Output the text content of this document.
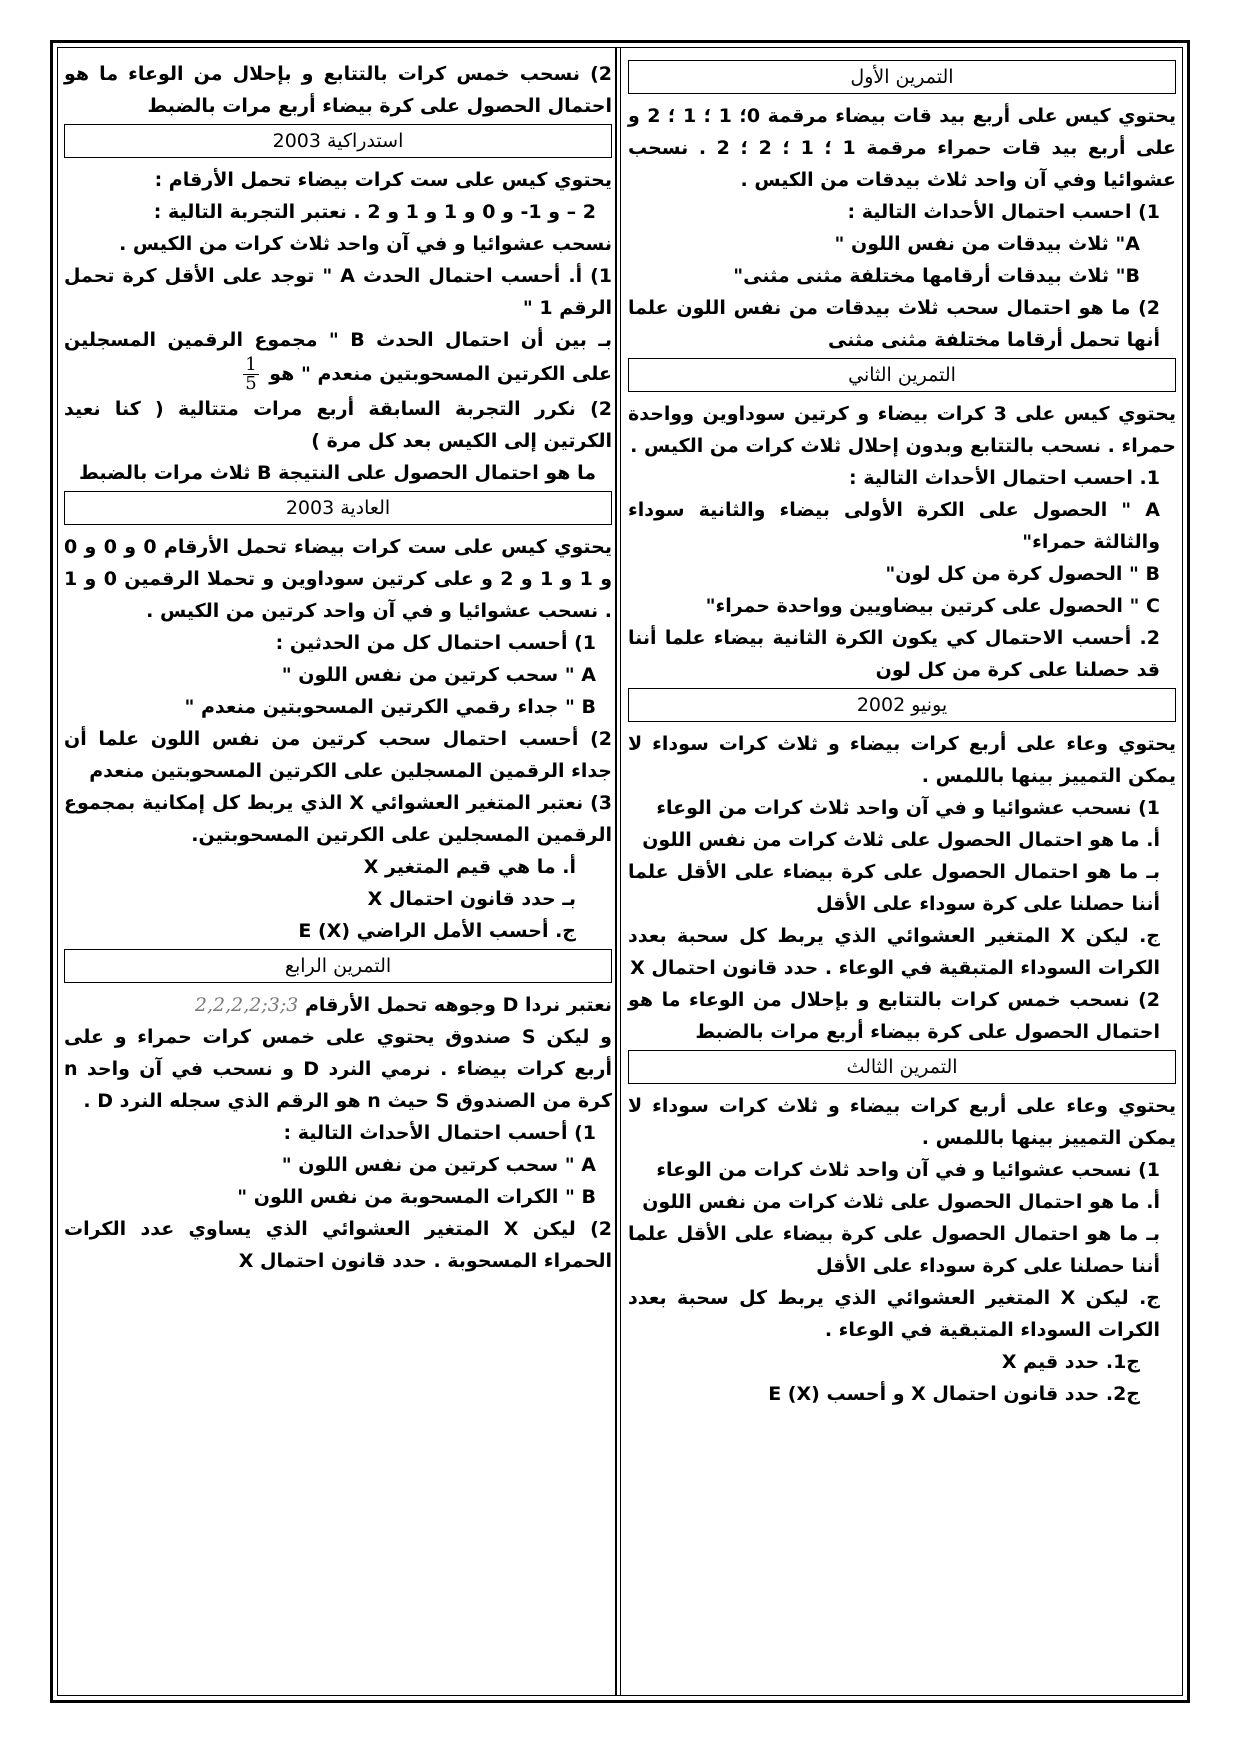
التمرين الأول

يحتوي كيس على أربع بيد قات بيضاء مرقمة 0؛ 1 ؛ 1 ؛ 2 و على أربع بيد قات حمراء مرقمة 1 ؛ 1 ؛ 2 ؛ 2 . نسحب عشوائيا وفي آن واحد ثلاث بيدقات من الكيس .

1) احسب احتمال الأحداث التالية :

A" ثلاث بيدقات من نفس اللون "

B" ثلاث بيدقات أرقامها مختلفة مثنى مثنى"

2) ما هو احتمال سحب ثلاث بيدقات من نفس اللون علما أنها تحمل أرقاما مختلفة مثنى مثنى

التمرين الثاني

يحتوي كيس على 3 كرات بيضاء و كرتين سوداوين وواحدة حمراء . نسحب بالتتابع وبدون إحلال ثلاث كرات من الكيس .

1. احسب احتمال الأحداث التالية :

A " الحصول على الكرة الأولى بيضاء والثانية سوداء والثالثة حمراء"

B " الحصول كرة من كل لون"

C " الحصول على كرتين بيضاويين وواحدة حمراء"

2. أحسب الاحتمال كي يكون الكرة الثانية بيضاء علما أننا قد حصلنا على كرة من كل لون

يونيو 2002

يحتوي وعاء على أربع كرات بيضاء و ثلاث كرات سوداء لا يمكن التمييز بينها باللمس .

1) نسحب عشوائيا و في آن واحد ثلاث كرات من الوعاء

أ. ما هو احتمال الحصول على ثلاث كرات من نفس اللون

بـ ما هو احتمال الحصول على كرة بيضاء على الأقل علما أننا حصلنا على كرة سوداء على الأقل

ج. ليكن X المتغير العشوائي الذي يربط كل سحبة بعدد الكرات السوداء المتبقية في الوعاء . حدد قانون احتمال X

2) نسحب خمس كرات بالتتابع و بإحلال من الوعاء ما هو احتمال الحصول على كرة بيضاء أربع مرات بالضبط

التمرين الثالث

يحتوي وعاء على أربع كرات بيضاء و ثلاث كرات سوداء لا يمكن التمييز بينها باللمس .

1) نسحب عشوائيا و في آن واحد ثلاث كرات من الوعاء

أ. ما هو احتمال الحصول على ثلاث كرات من نفس اللون

بـ ما هو احتمال الحصول على كرة بيضاء على الأقل علما أننا حصلنا على كرة سوداء على الأقل

ج. ليكن X المتغير العشوائي الذي يربط كل سحبة بعدد الكرات السوداء المتبقية في الوعاء .

ج1. حدد قيم X

ج2. حدد قانون احتمال X و أحسب E (X)

2) نسحب خمس كرات بالتتابع و بإحلال من الوعاء ما هو احتمال الحصول على كرة بيضاء أربع مرات بالضبط

استدراكية 2003

يحتوي كيس على ست كرات بيضاء تحمل الأرقام :

2 – و 1- و 0 و 1 و 1 و 2 . نعتبر التجربة التالية :

نسحب عشوائيا و في آن واحد ثلاث كرات من الكيس .

1) أ. أحسب احتمال الحدث A " توجد على الأقل كرة تحمل الرقم 1 "

بـ بين أن احتمال الحدث B " مجموع الرقمين المسجلين على الكرتين المسحوبتين منعدم " هو
$\frac{1}{5}$

2) نكرر التجربة السابقة أربع مرات متتالية ( كنا نعيد الكرتين إلى الكيس بعد كل مرة )

ما هو احتمال الحصول على النتيجة B ثلاث مرات بالضبط

العادية 2003

يحتوي كيس على ست كرات بيضاء تحمل الأرقام 0 و 0 و 0 و 1 و 1 و 2 و على كرتين سوداوين و تحملا الرقمين 0 و 1 . نسحب عشوائيا و في آن واحد كرتين من الكيس .

1) أحسب احتمال كل من الحدثين :

A " سحب كرتين من نفس اللون "

B " جداء رقمي الكرتين المسحوبتين منعدم "

2) أحسب احتمال سحب كرتين من نفس اللون علما أن جداء الرقمين المسجلين على الكرتين المسحوبتين منعدم

3) نعتبر المتغير العشوائي X الذي يربط كل إمكانية بمجموع الرقمين المسجلين على الكرتين المسحوبتين.

أ. ما هي قيم المتغير X

بـ حدد قانون احتمال X

ج. أحسب الأمل الراضي E (X)

التمرين الرابع

نعتبر نردا D وجوهه تحمل الأرقام 3;3;2,2,2,2

و ليكن S صندوق يحتوي على خمس كرات حمراء و على أربع كرات بيضاء . نرمي النرد D و نسحب في آن واحد n كرة من الصندوق S حيث n هو الرقم الذي سجله النرد D .

1) أحسب احتمال الأحداث التالية :

A " سحب كرتين من نفس اللون "

B " الكرات المسحوبة من نفس اللون "

2) ليكن X المتغير العشوائي الذي يساوي عدد الكرات الحمراء المسحوبة . حدد قانون احتمال X
